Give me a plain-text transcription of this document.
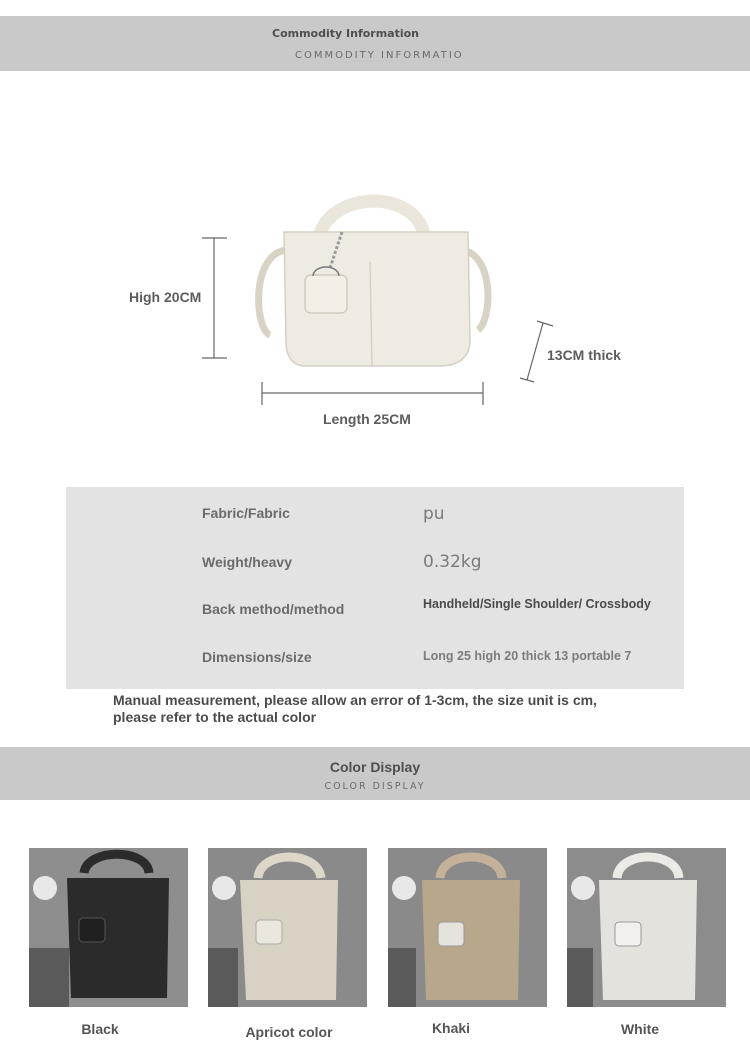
Commodity Information
COMMODITY INFORMATIO
High 20CM
Length 25CM
13CM thick
Fabric/Fabric	pu
Weight/heavy	0.32kg
Back method/method	Handheld/Single Shoulder/ Crossbody
Dimensions/size	Long 25 high 20 thick 13 portable 7
Manual measurement, please allow an error of 1-3cm, the size unit is cm, please refer to the actual color
Color Display
COLOR DISPLAY
Black	Apricot color	Khaki	White
